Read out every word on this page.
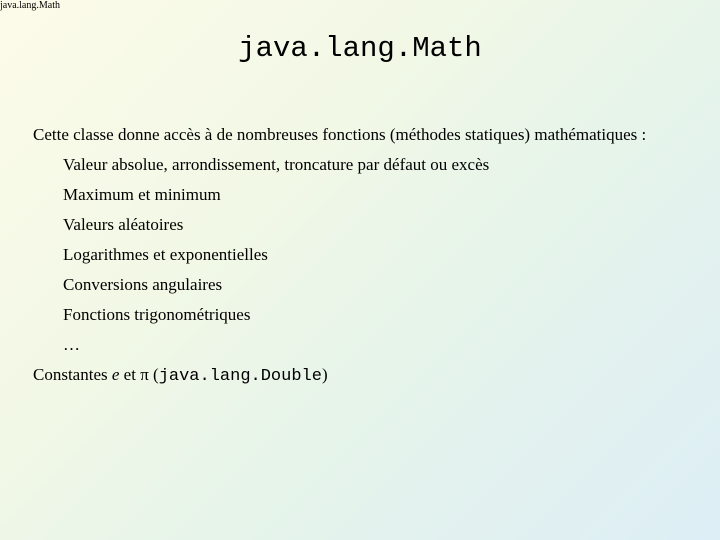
java.lang.Math
java.lang.Math
Cette classe donne accès à de nombreuses fonctions (méthodes statiques) mathématiques :
Valeur absolue, arrondissement, troncature par défaut ou excès
Maximum et minimum
Valeurs aléatoires
Logarithmes et exponentielles
Conversions angulaires
Fonctions trigonométriques
…
Constantes e et π (java.lang.Double)
